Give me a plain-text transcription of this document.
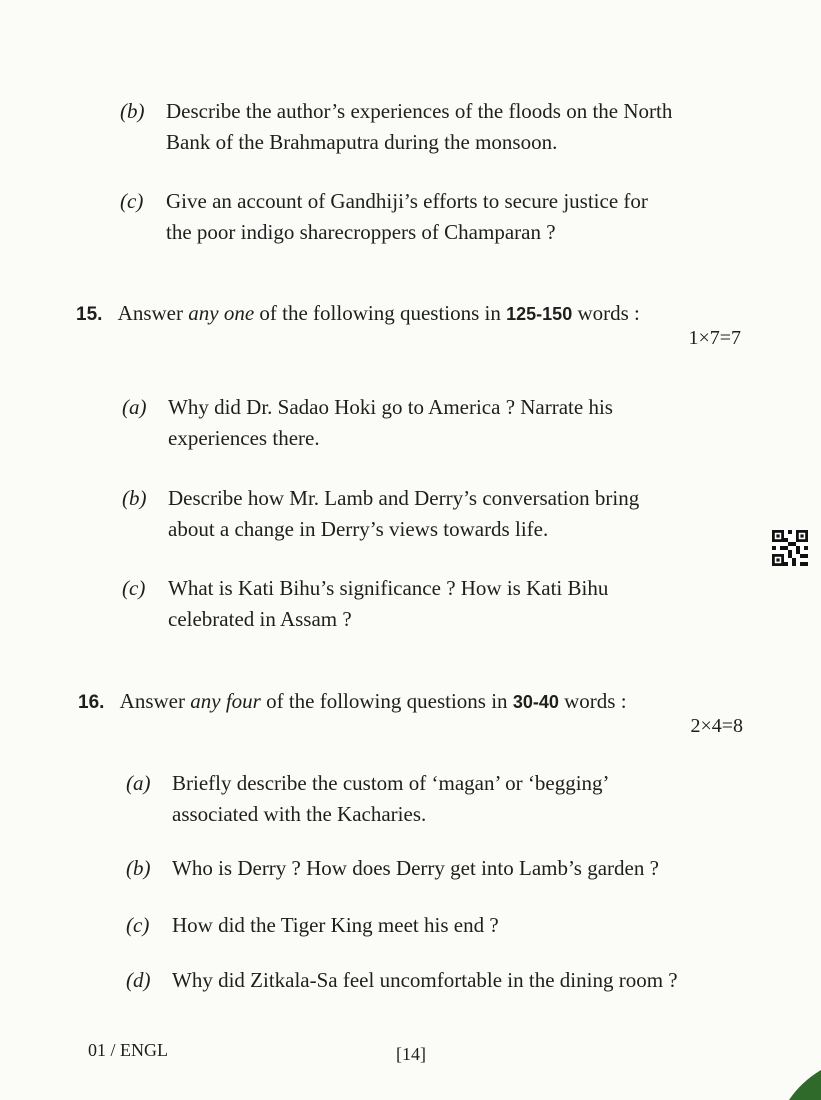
(b) Describe the author’s experiences of the floods on the North
Bank of the Brahmaputra during the monsoon.
(c) Give an account of Gandhiji’s efforts to secure justice for
the poor indigo sharecroppers of Champaran ?
15. Answer any one of the following questions in 125-150 words :
1×7=7
(a) Why did Dr. Sadao Hoki go to America ? Narrate his
experiences there.
(b) Describe how Mr. Lamb and Derry’s conversation bring
about a change in Derry’s views towards life.
(c) What is Kati Bihu’s significance ? How is Kati Bihu
celebrated in Assam ?
16. Answer any four of the following questions in 30-40 words :
2×4=8
(a) Briefly describe the custom of ‘magan’ or ‘begging’
associated with the Kacharies.
(b) Who is Derry ? How does Derry get into Lamb’s garden ?
(c) How did the Tiger King meet his end ?
(d) Why did Zitkala-Sa feel uncomfortable in the dining room ?
01 / ENGL	[14]
